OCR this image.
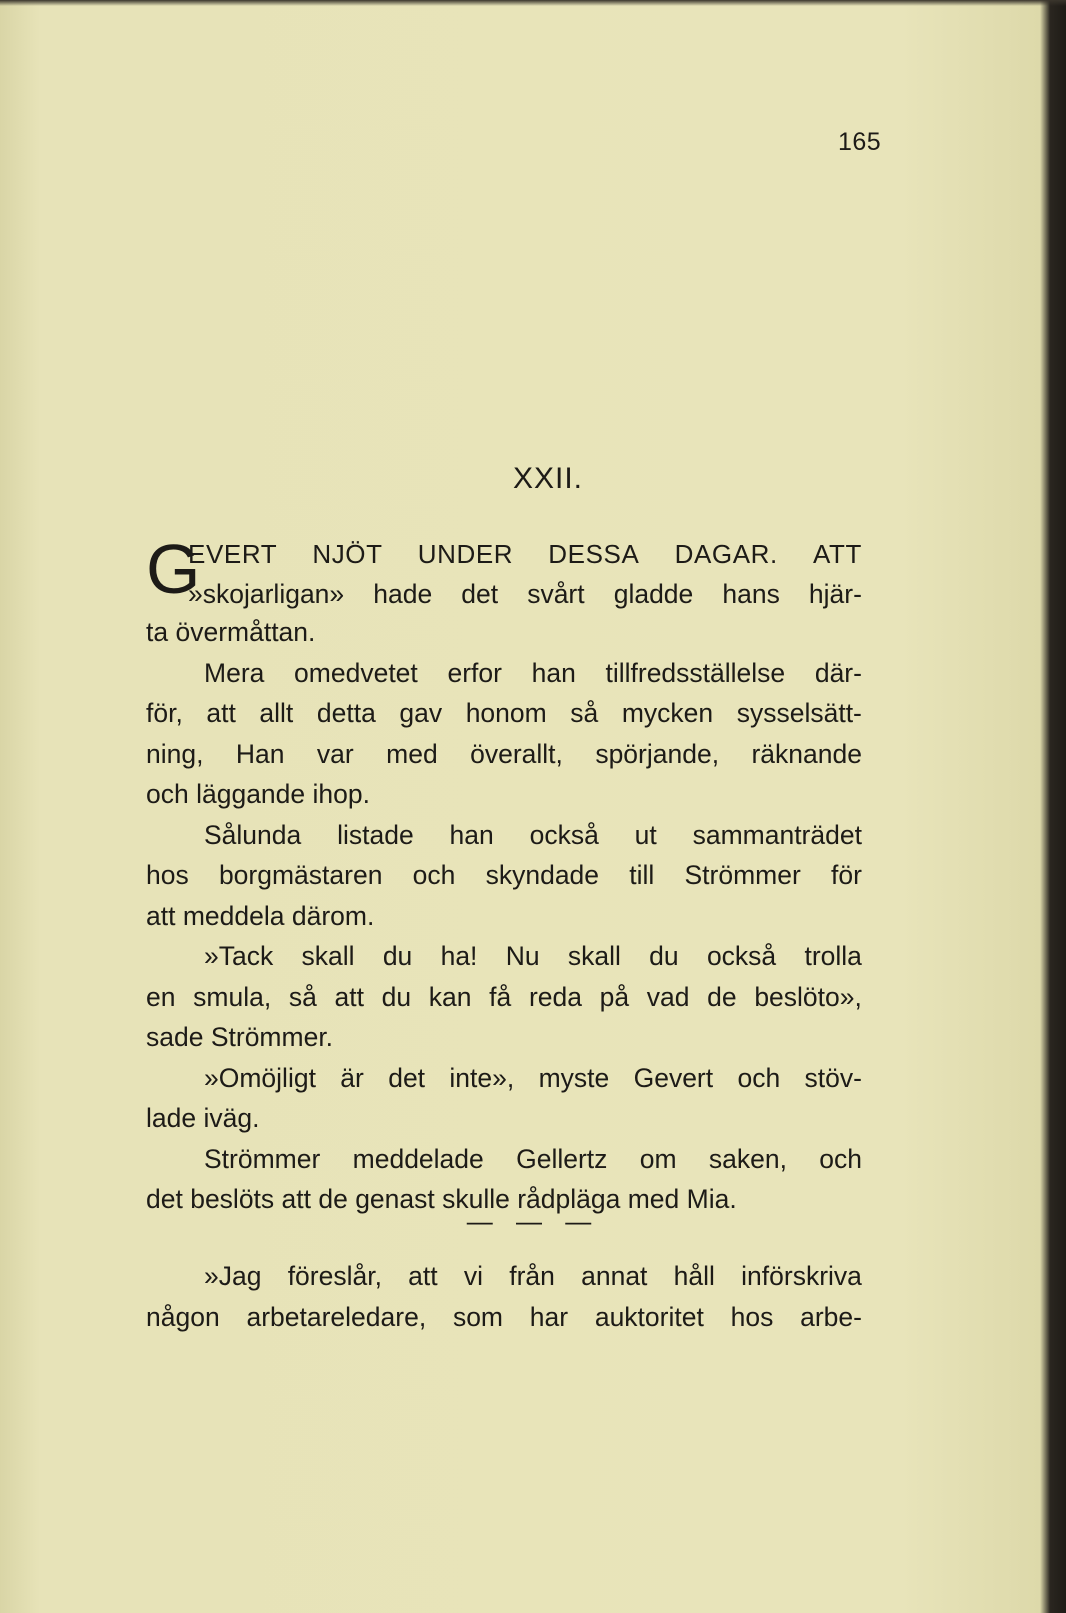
165
XXII.
G
EVERT NJÖT UNDER DESSA DAGAR. ATT
»skojarligan» hade det svårt gladde hans hjär-
ta övermåttan.
Mera omedvetet erfor han tillfredsställelse där-
för, att allt detta gav honom så mycken sysselsätt-
ning, Han var med överallt, spörjande, räknande
och läggande ihop.
Sålunda listade han också ut sammanträdet
hos borgmästaren och skyndade till Strömmer för
att meddela därom.
»Tack skall du ha! Nu skall du också trolla
en smula, så att du kan få reda på vad de beslöto»,
sade Strömmer.
»Omöjligt är det inte», myste Gevert och stöv-
lade iväg.
Strömmer meddelade Gellertz om saken, och
det beslöts att de genast skulle rådpläga med Mia.
— — —
»Jag föreslår, att vi från annat håll införskriva
någon arbetareledare, som har auktoritet hos arbe-
